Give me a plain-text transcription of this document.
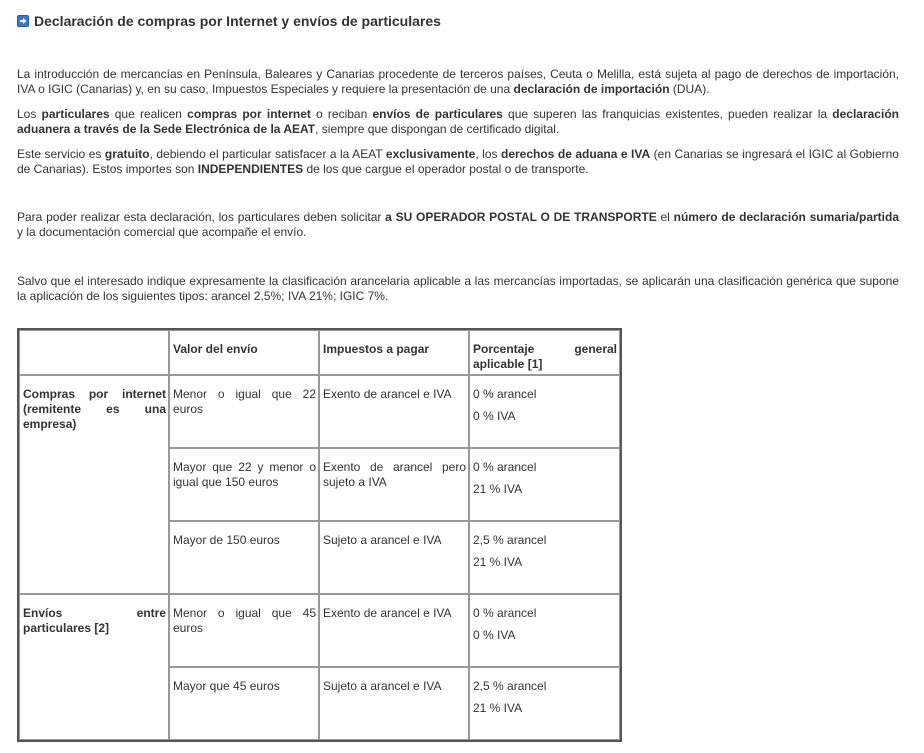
Declaración de compras por Internet y envíos de particulares

La introducción de mercancías en Península, Baleares y Canarias procedente de terceros países, Ceuta o Melilla, está sujeta al pago de derechos de importación, IVA o IGIC (Canarias) y, en su caso, Impuestos Especiales y requiere la presentación de una declaración de importación (DUA).

Los particulares que realicen compras por internet o reciban envíos de particulares que superen las franquicias existentes, pueden realizar la declaración aduanera a través de la Sede Electrónica de la AEAT, siempre que dispongan de certificado digital.

Este servicio es gratuito, debiendo el particular satisfacer a la AEAT exclusivamente, los derechos de aduana e IVA (en Canarias se ingresará el IGIC al Gobierno de Canarias). Estos importes son INDEPENDIENTES de los que cargue el operador postal o de transporte.

Para poder realizar esta declaración, los particulares deben solicitar a SU OPERADOR POSTAL O DE TRANSPORTE el número de declaración sumaria/partida y la documentación comercial que acompañe el envío.

Salvo que el interesado indique expresamente la clasificación arancelaria aplicable a las mercancías importadas, se aplicarán una clasificación genérica que supone la aplicación de los siguientes tipos: arancel 2,5%; IVA 21%; IGIC 7%.

	Valor del envío	Impuestos a pagar	Porcentaje general
aplicable [1]
Compras por internet (remitente es una empresa)	Menor o igual que 22 euros	Exento de arancel e IVA	0 % arancel
0 % IVA

	Mayor que 22 y menor o igual que 150 euros	Exento de arancel pero sujeto a IVA	0 % arancel
21 % IVA

	Mayor de 150 euros	Sujeto a arancel e IVA	2,5 % arancel
21 % IVA

Envíos entre particulares [2]	Menor o igual que 45 euros	Exento de arancel e IVA	0 % arancel
0 % IVA

	Mayor que 45 euros	Sujeto a arancel e IVA	2,5 % arancel
21 % IVA
